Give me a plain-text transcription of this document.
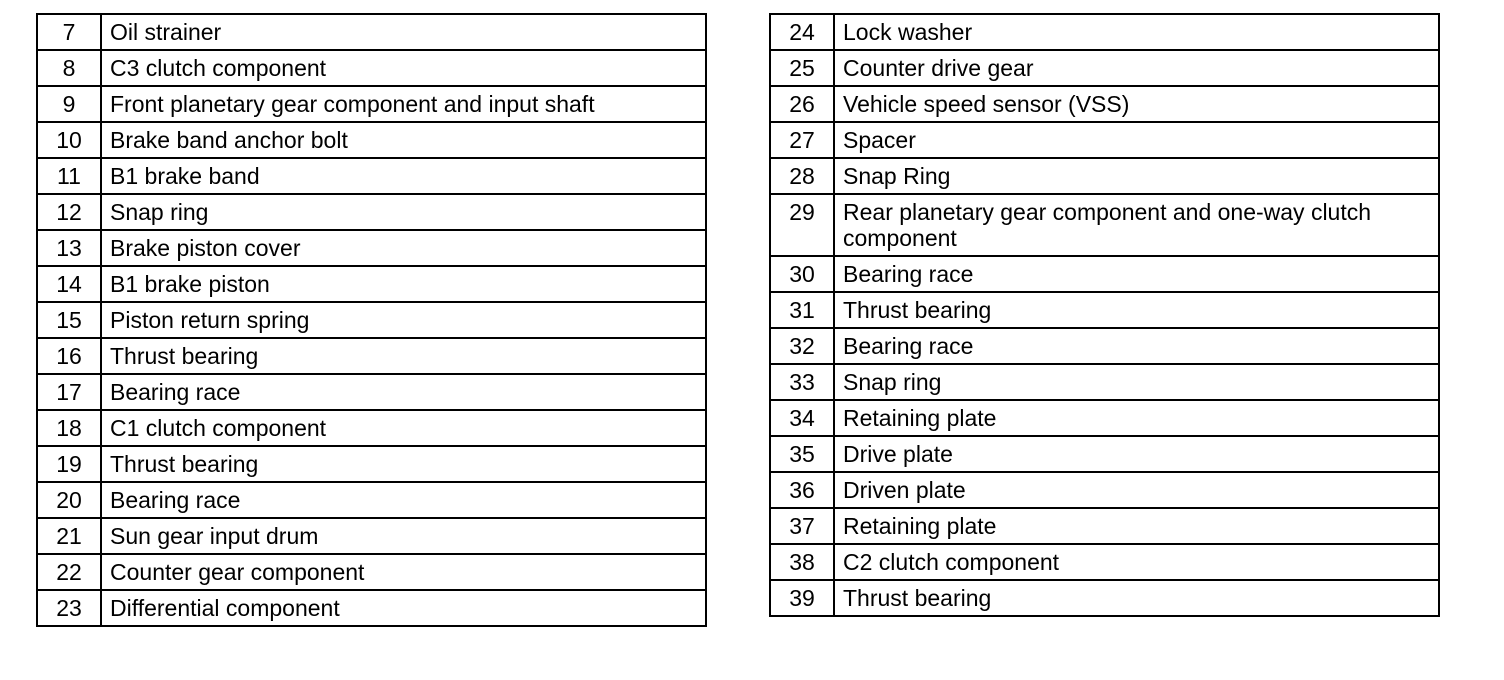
7	Oil strainer
8	C3 clutch component
9	Front planetary gear component and input shaft
10	Brake band anchor bolt
11	B1 brake band
12	Snap ring
13	Brake piston cover
14	B1 brake piston
15	Piston return spring
16	Thrust bearing
17	Bearing race
18	C1 clutch component
19	Thrust bearing
20	Bearing race
21	Sun gear input drum
22	Counter gear component
23	Differential component
24	Lock washer
25	Counter drive gear
26	Vehicle speed sensor (VSS)
27	Spacer
28	Snap Ring
29	Rear planetary gear component and one-way clutch component
30	Bearing race
31	Thrust bearing
32	Bearing race
33	Snap ring
34	Retaining plate
35	Drive plate
36	Driven plate
37	Retaining plate
38	C2 clutch component
39	Thrust bearing
